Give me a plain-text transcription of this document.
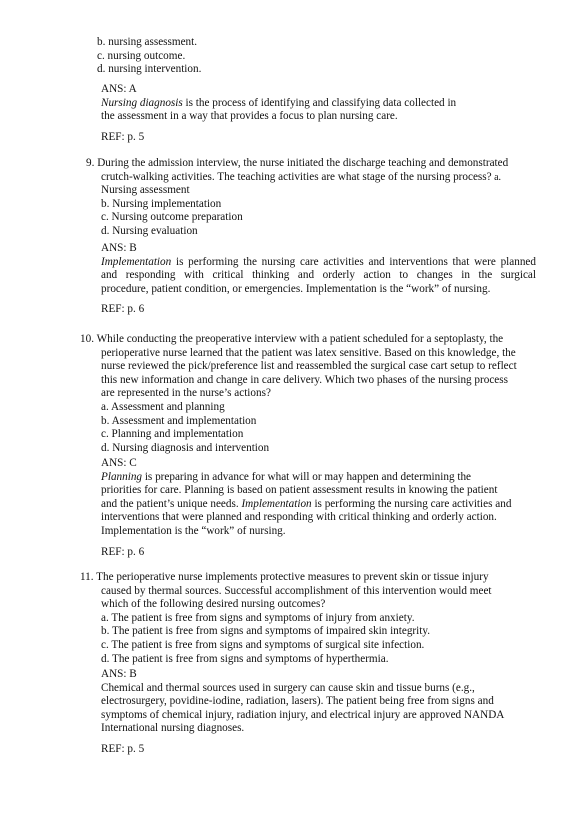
b. nursing assessment.
c. nursing outcome.
d. nursing intervention.
ANS: A
Nursing diagnosis is the process of identifying and classifying data collected in
the assessment in a way that provides a focus to plan nursing care.
REF: p. 5
9. During the admission interview, the nurse initiated the discharge teaching and demonstrated
crutch-walking activities. The teaching activities are what stage of the nursing process? a.
Nursing assessment
b. Nursing implementation
c. Nursing outcome preparation
d. Nursing evaluation
ANS: B
Implementation is performing the nursing care activities and interventions that were planned
and responding with critical thinking and orderly action to changes in the surgical
procedure, patient condition, or emergencies. Implementation is the “work” of nursing.
REF: p. 6
10. While conducting the preoperative interview with a patient scheduled for a septoplasty, the
perioperative nurse learned that the patient was latex sensitive. Based on this knowledge, the
nurse reviewed the pick/preference list and reassembled the surgical case cart setup to reflect
this new information and change in care delivery. Which two phases of the nursing process
are represented in the nurse’s actions?
a. Assessment and planning
b. Assessment and implementation
c. Planning and implementation
d. Nursing diagnosis and intervention
ANS: C
Planning is preparing in advance for what will or may happen and determining the
priorities for care. Planning is based on patient assessment results in knowing the patient
and the patient’s unique needs. Implementation is performing the nursing care activities and
interventions that were planned and responding with critical thinking and orderly action.
Implementation is the “work” of nursing.
REF: p. 6
11. The perioperative nurse implements protective measures to prevent skin or tissue injury
caused by thermal sources. Successful accomplishment of this intervention would meet
which of the following desired nursing outcomes?
a. The patient is free from signs and symptoms of injury from anxiety.
b. The patient is free from signs and symptoms of impaired skin integrity.
c. The patient is free from signs and symptoms of surgical site infection.
d. The patient is free from signs and symptoms of hyperthermia.
ANS: B
Chemical and thermal sources used in surgery can cause skin and tissue burns (e.g.,
electrosurgery, povidine-iodine, radiation, lasers). The patient being free from signs and
symptoms of chemical injury, radiation injury, and electrical injury are approved NANDA
International nursing diagnoses.
REF: p. 5
